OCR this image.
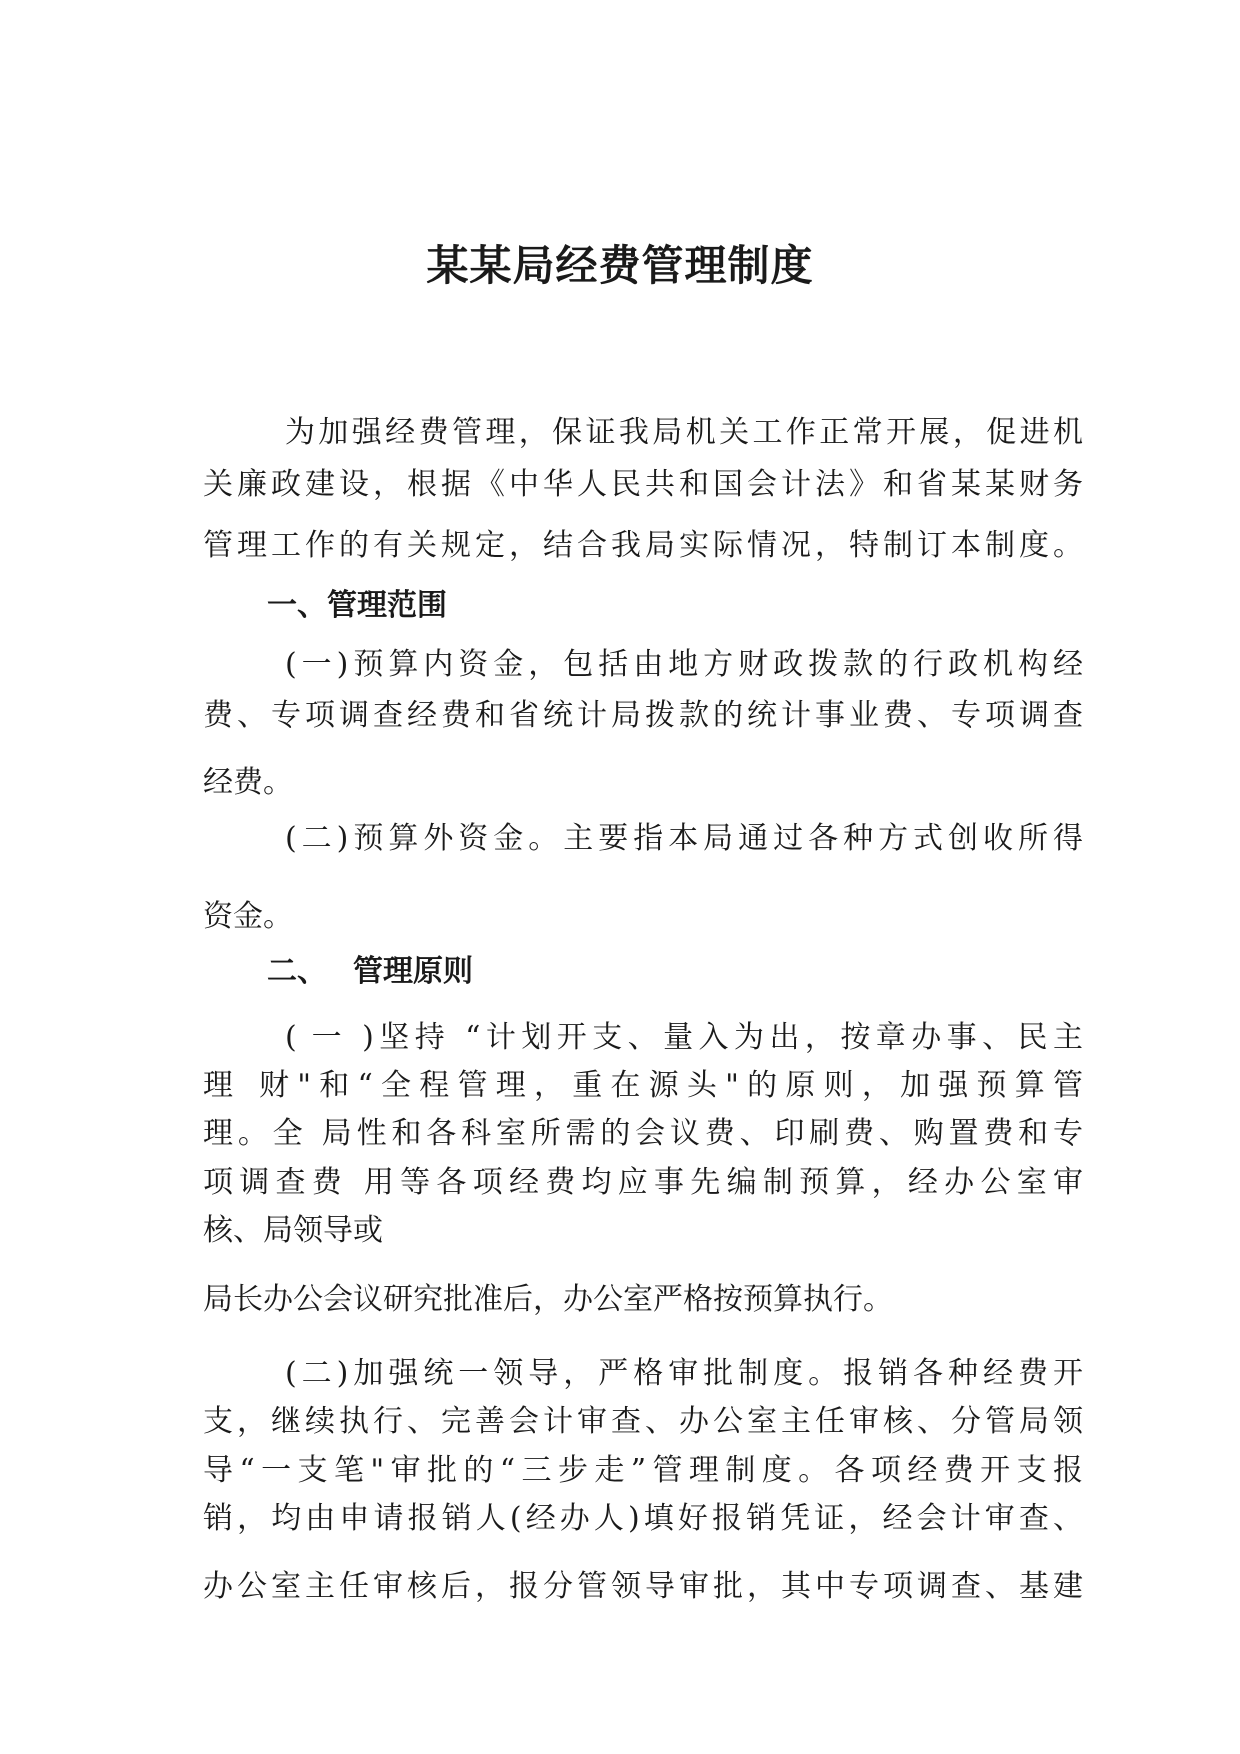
某某局经费管理制度

为加强经费管理，保证我局机关工作正常开展，促进机

关廉政建设，根据《中华人民共和国会计法》和省某某财务

管理工作的有关规定，结合我局实际情况，特制订本制度。

一、管理范围

(一)预算内资金，包括由地方财政拨款的行政机构经

费、专项调查经费和省统计局拨款的统计事业费、专项调查

经费。

(二)预算外资金。主要指本局通过各种方式创收所得

资金。

二、 管理原则

( 一 )坚持 “计划开支、量入为出，按章办事、民主

理 财"和“全程管理，重在源头"的原则，加强预算管

理。全 局性和各科室所需的会议费、印刷费、购置费和专

项调查费 用等各项经费均应事先编制预算，经办公室审

核、局领导或

局长办公会议研究批准后，办公室严格按预算执行。

(二)加强统一领导，严格审批制度。报销各种经费开

支，继续执行、完善会计审查、办公室主任审核、分管局领

导“一支笔"审批的“三步走”管理制度。各项经费开支报

销，均由申请报销人(经办人)填好报销凭证，经会计审查、

办公室主任审核后，报分管领导审批，其中专项调查、基建
